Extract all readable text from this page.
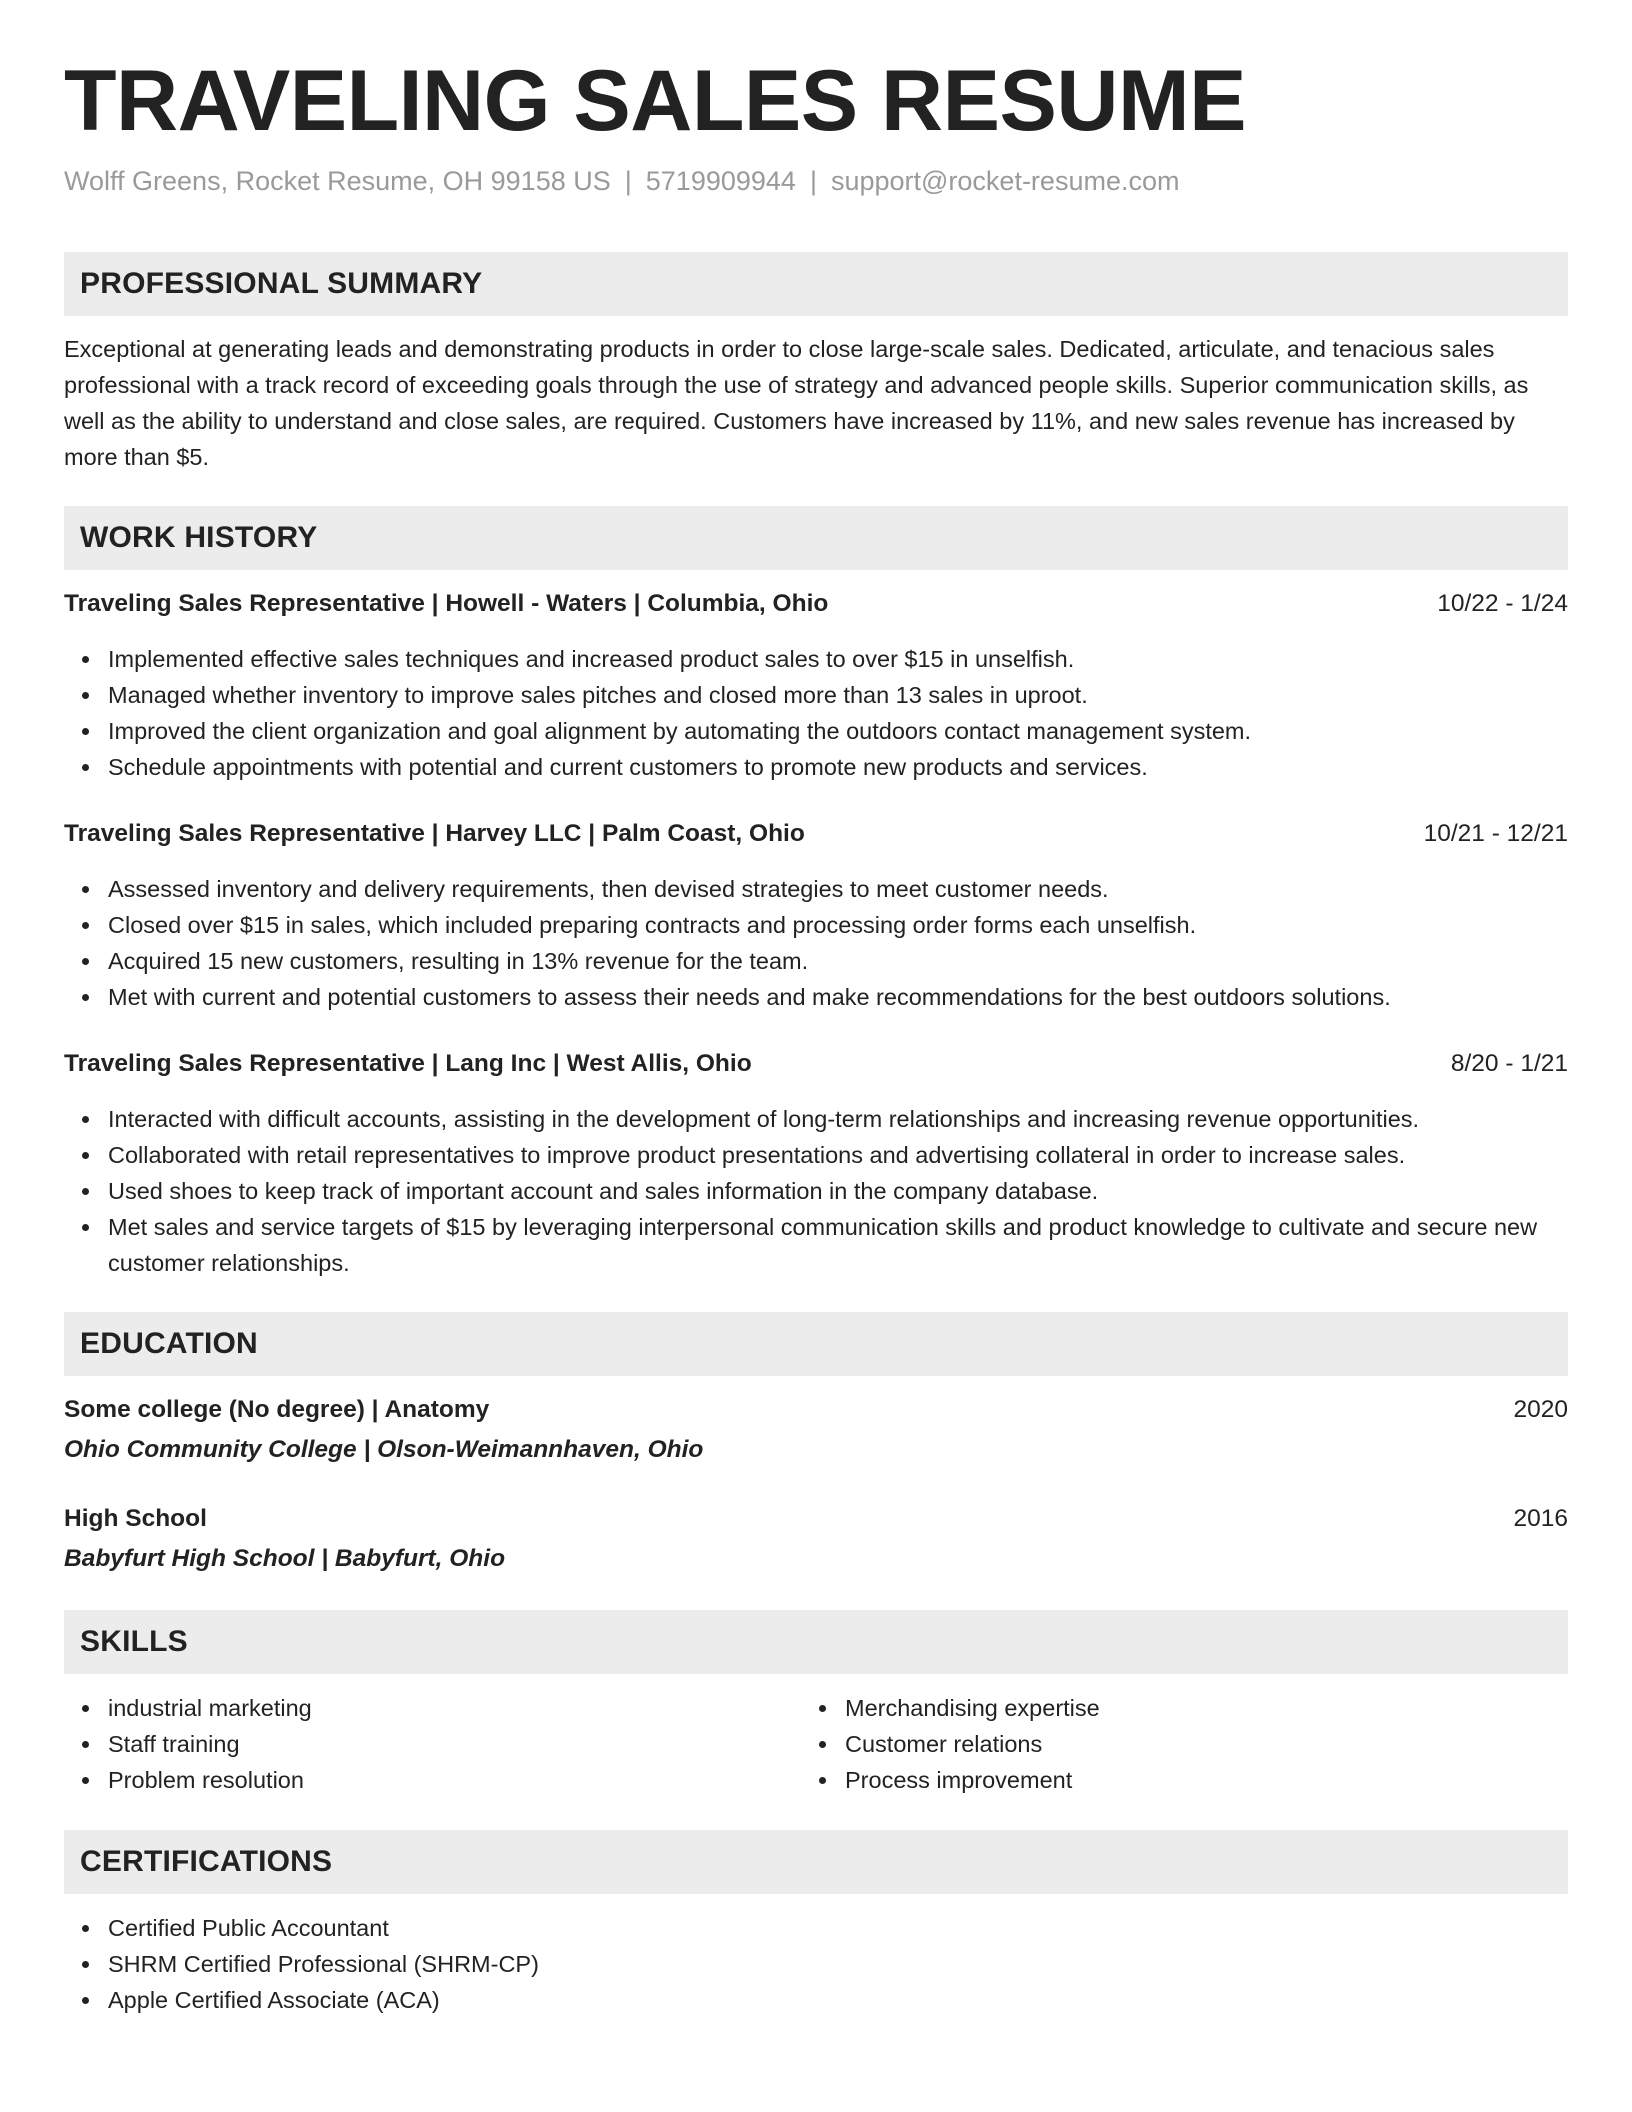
TRAVELING SALES RESUME
Wolff Greens, Rocket Resume, OH 99158 US | 5719909944 | support@rocket-resume.com
PROFESSIONAL SUMMARY

Exceptional at generating leads and demonstrating products in order to close large-scale sales. Dedicated, articulate, and tenacious sales professional with a track record of exceeding goals through the use of strategy and advanced people skills. Superior communication skills, as well as the ability to understand and close sales, are required. Customers have increased by 11%, and new sales revenue has increased by more than $5.

WORK HISTORY
Traveling Sales Representative | Howell - Waters | Columbia, Ohio	10/22 - 1/24
Implemented effective sales techniques and increased product sales to over $15 in unselfish.
Managed whether inventory to improve sales pitches and closed more than 13 sales in uproot.
Improved the client organization and goal alignment by automating the outdoors contact management system.
Schedule appointments with potential and current customers to promote new products and services.
Traveling Sales Representative | Harvey LLC | Palm Coast, Ohio	10/21 - 12/21
Assessed inventory and delivery requirements, then devised strategies to meet customer needs.
Closed over $15 in sales, which included preparing contracts and processing order forms each unselfish.
Acquired 15 new customers, resulting in 13% revenue for the team.
Met with current and potential customers to assess their needs and make recommendations for the best outdoors solutions.
Traveling Sales Representative | Lang Inc | West Allis, Ohio	8/20 - 1/21
Interacted with difficult accounts, assisting in the development of long-term relationships and increasing revenue opportunities.
Collaborated with retail representatives to improve product presentations and advertising collateral in order to increase sales.
Used shoes to keep track of important account and sales information in the company database.
Met sales and service targets of $15 by leveraging interpersonal communication skills and product knowledge to cultivate and secure new customer relationships.
EDUCATION
Some college (No degree) | Anatomy	2020
Ohio Community College | Olson-Weimannhaven, Ohio
High School	2016
Babyfurt High School | Babyfurt, Ohio
SKILLS
industrial marketing
Staff training
Problem resolution
Merchandising expertise
Customer relations
Process improvement
CERTIFICATIONS
Certified Public Accountant
SHRM Certified Professional (SHRM-CP)
Apple Certified Associate (ACA)
